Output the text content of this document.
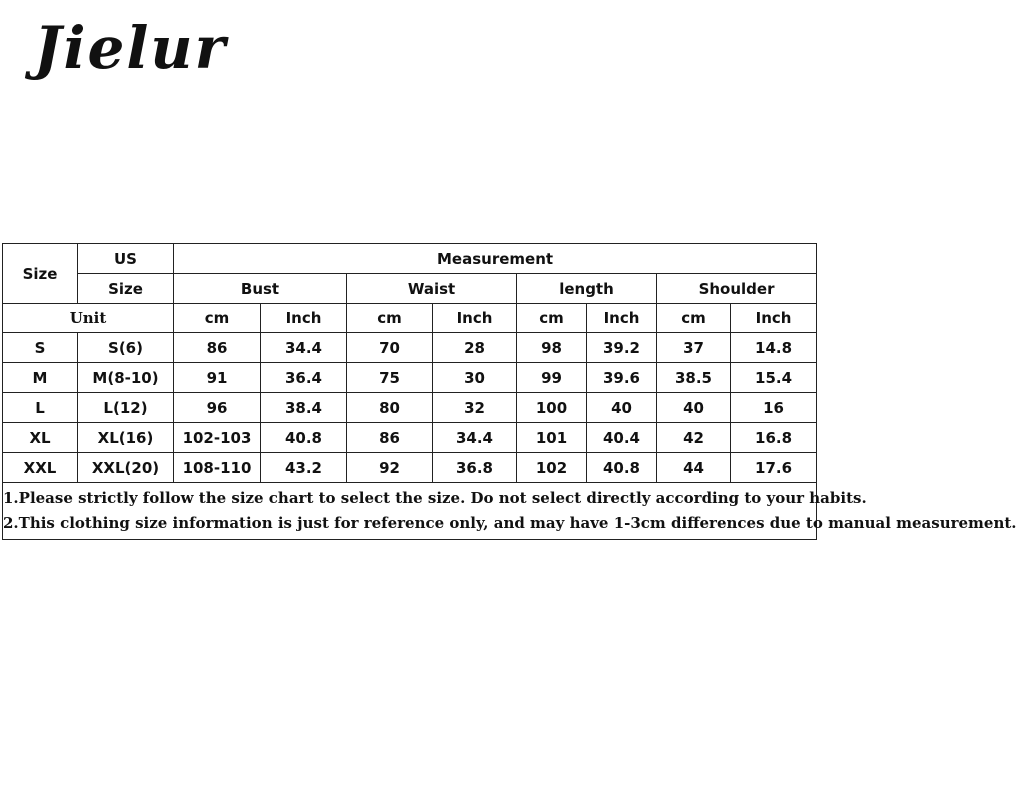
Jielur
Size	US	Measurement							
	Size	Bust		Waist		length		Shoulder	
Unit		cm	Inch	cm	Inch	cm	Inch	cm	Inch
S	S(6)	86	34.4	70	28	98	39.2	37	14.8
M	M(8-10)	91	36.4	75	30	99	39.6	38.5	15.4
L	L(12)	96	38.4	80	32	100	40	40	16
XL	XL(16)	102-103	40.8	86	34.4	101	40.4	42	16.8
XXL	XXL(20)	108-110	43.2	92	36.8	102	40.8	44	17.6

1.Please strictly follow the size chart to select the size. Do not select directly according to your habits.
2.This clothing size information is just for reference only, and may have 1-3cm differences due to manual measurement.									
